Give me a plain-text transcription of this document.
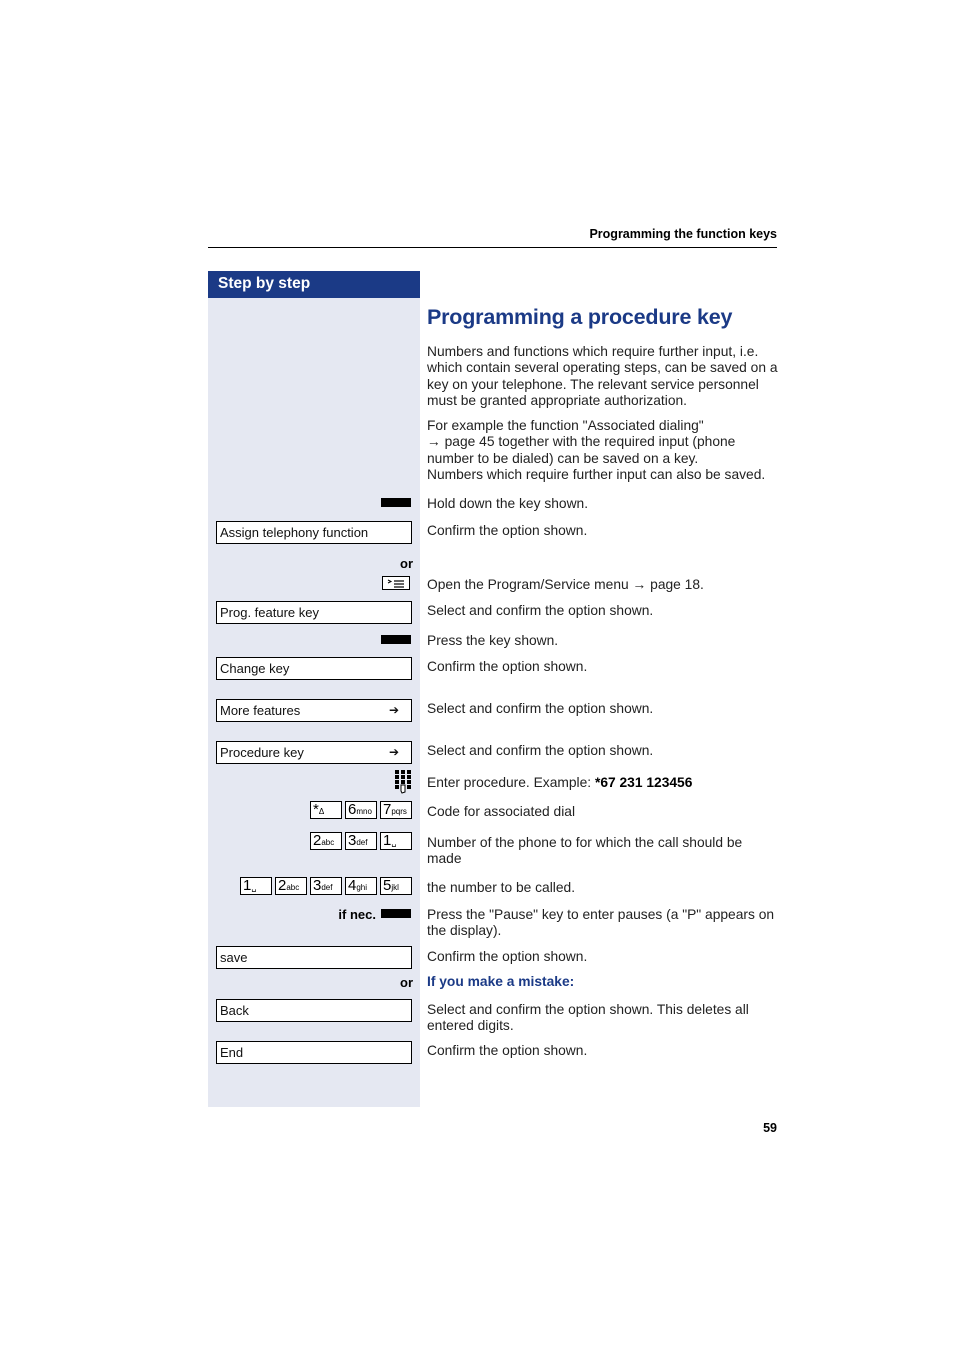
Programming the function keys
Step by step
Programming a procedure key
Numbers and functions which require further input, i.e. which contain several operating steps, can be saved on a key on your telephone. The relevant service personnel must be granted appropriate authorization.
For example the function "Associated dialing"
→ page 45 together with the required input (phone number to be dialed) can be saved on a key.
Numbers which require further input can also be saved.
Hold down the key shown.
Assign telephony function	Confirm the option shown.
or
Open the Program/Service menu → page 18.
Prog. feature key	Select and confirm the option shown.
Press the key shown.
Change key	Confirm the option shown.
More features	➔ Select and confirm the option shown.
Procedure key	➔ Select and confirm the option shown.
Enter procedure. Example: *67 231 123456
*Δ	6mno 7pqrs	Code for associated dial
2abc 3def	1␣	Number of the phone to for which the call should be made
1␣	2abc 3def	4ghi	5jkl	the number to be called.
if nec.	Press the "Pause" key to enter pauses (a "P" appears on the display).
save	Confirm the option shown.
or If you make a mistake:
Back	Select and confirm the option shown. This deletes all entered digits.
End	Confirm the option shown.
59
